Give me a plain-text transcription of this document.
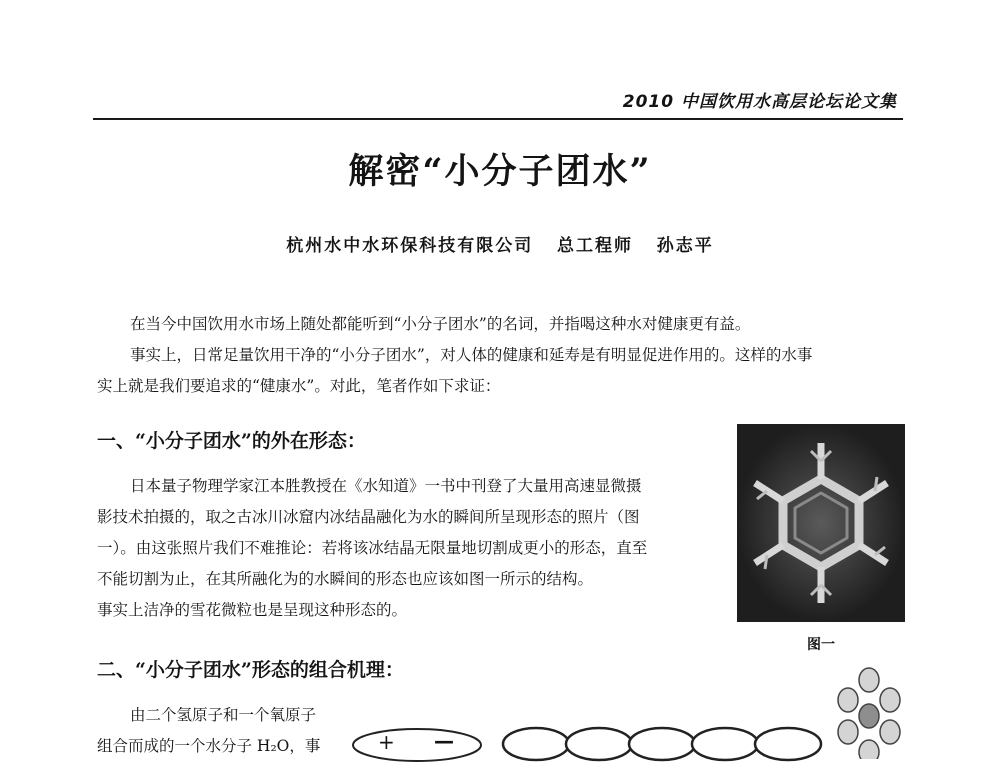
2010 中国饮用水高层论坛论文集
解密“小分子团水”
杭州水中水环保科技有限公司   总工程师   孙志平
在当今中国饮用水市场上随处都能听到“小分子团水”的名词，并指喝这种水对健康更有益。
事实上，日常足量饮用干净的“小分子团水”，对人体的健康和延寿是有明显促进作用的。这样的水事
实上就是我们要追求的“健康水”。对此，笔者作如下求证：
一、“小分子团水”的外在形态：
日本量子物理学家江本胜教授在《水知道》一书中刊登了大量用高速显微摄
影技术拍摄的，取之古冰川冰窟内冰结晶融化为水的瞬间所呈现形态的照片（图
一）。由这张照片我们不难推论：若将该冰结晶无限量地切割成更小的形态，直至
不能切割为止，在其所融化为的水瞬间的形态也应该如图一所示的结构。
事实上洁净的雪花微粒也是呈现这种形态的。
图一
二、“小分子团水”形态的组合机理：
由二个氢原子和一个氧原子
组合而成的一个水分子 H₂O，事	+ —
